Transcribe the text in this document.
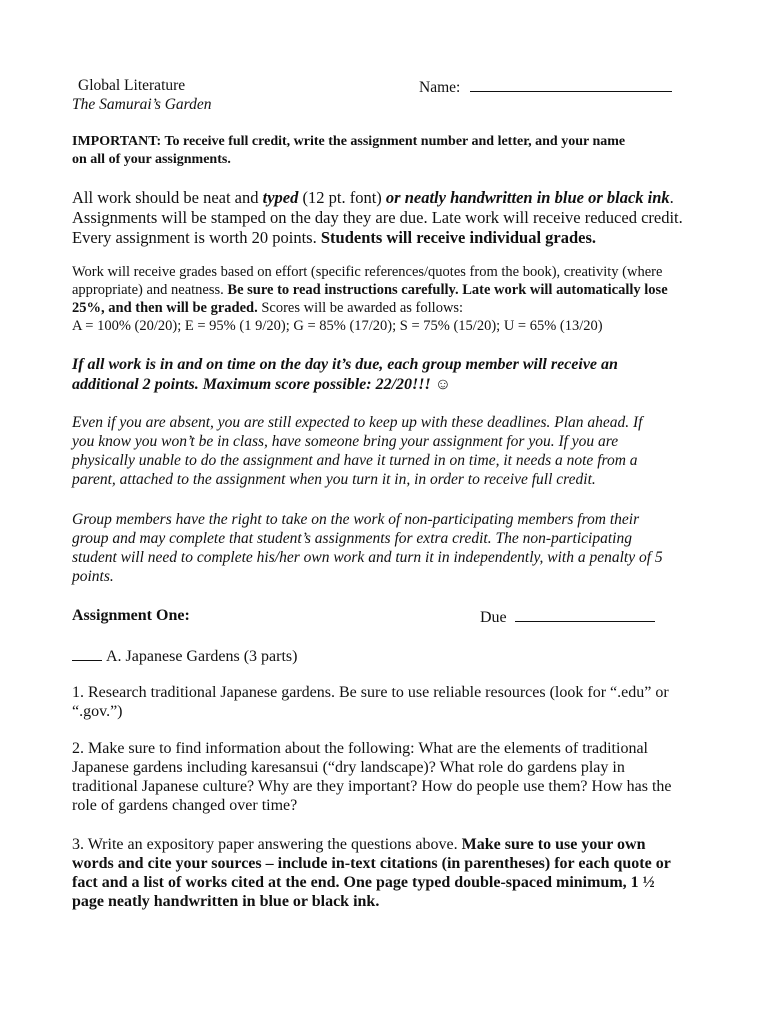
Global Literature
The Samurai’s Garden
Name:
IMPORTANT: To receive full credit, write the assignment number and letter, and your name
on all of your assignments.
All work should be neat and typed (12 pt. font) or neatly handwritten in blue or black ink.
Assignments will be stamped on the day they are due. Late work will receive reduced credit.
Every assignment is worth 20 points. Students will receive individual grades.
Work will receive grades based on effort (specific references/quotes from the book), creativity (where
appropriate) and neatness. Be sure to read instructions carefully. Late work will automatically lose
25%, and then will be graded. Scores will be awarded as follows:
A = 100% (20/20); E = 95% (1 9/20); G = 85% (17/20); S = 75% (15/20); U = 65% (13/20)
If all work is in and on time on the day it’s due, each group member will receive an
additional 2 points. Maximum score possible: 22/20!!! ☺
Even if you are absent, you are still expected to keep up with these deadlines. Plan ahead. If
you know you won’t be in class, have someone bring your assignment for you. If you are
physically unable to do the assignment and have it turned in on time, it needs a note from a
parent, attached to the assignment when you turn it in, in order to receive full credit.
Group members have the right to take on the work of non-participating members from their
group and may complete that student’s assignments for extra credit. The non-participating
student will need to complete his/her own work and turn it in independently, with a penalty of 5
points.
Assignment One:	Due
A. Japanese Gardens (3 parts)
1. Research traditional Japanese gardens. Be sure to use reliable resources (look for “.edu” or
“.gov.”)
2. Make sure to find information about the following: What are the elements of traditional
Japanese gardens including karesansui (“dry landscape)? What role do gardens play in
traditional Japanese culture? Why are they important? How do people use them? How has the
role of gardens changed over time?
3. Write an expository paper answering the questions above. Make sure to use your own
words and cite your sources – include in-text citations (in parentheses) for each quote or
fact and a list of works cited at the end. One page typed double-spaced minimum, 1 ½
page neatly handwritten in blue or black ink.
